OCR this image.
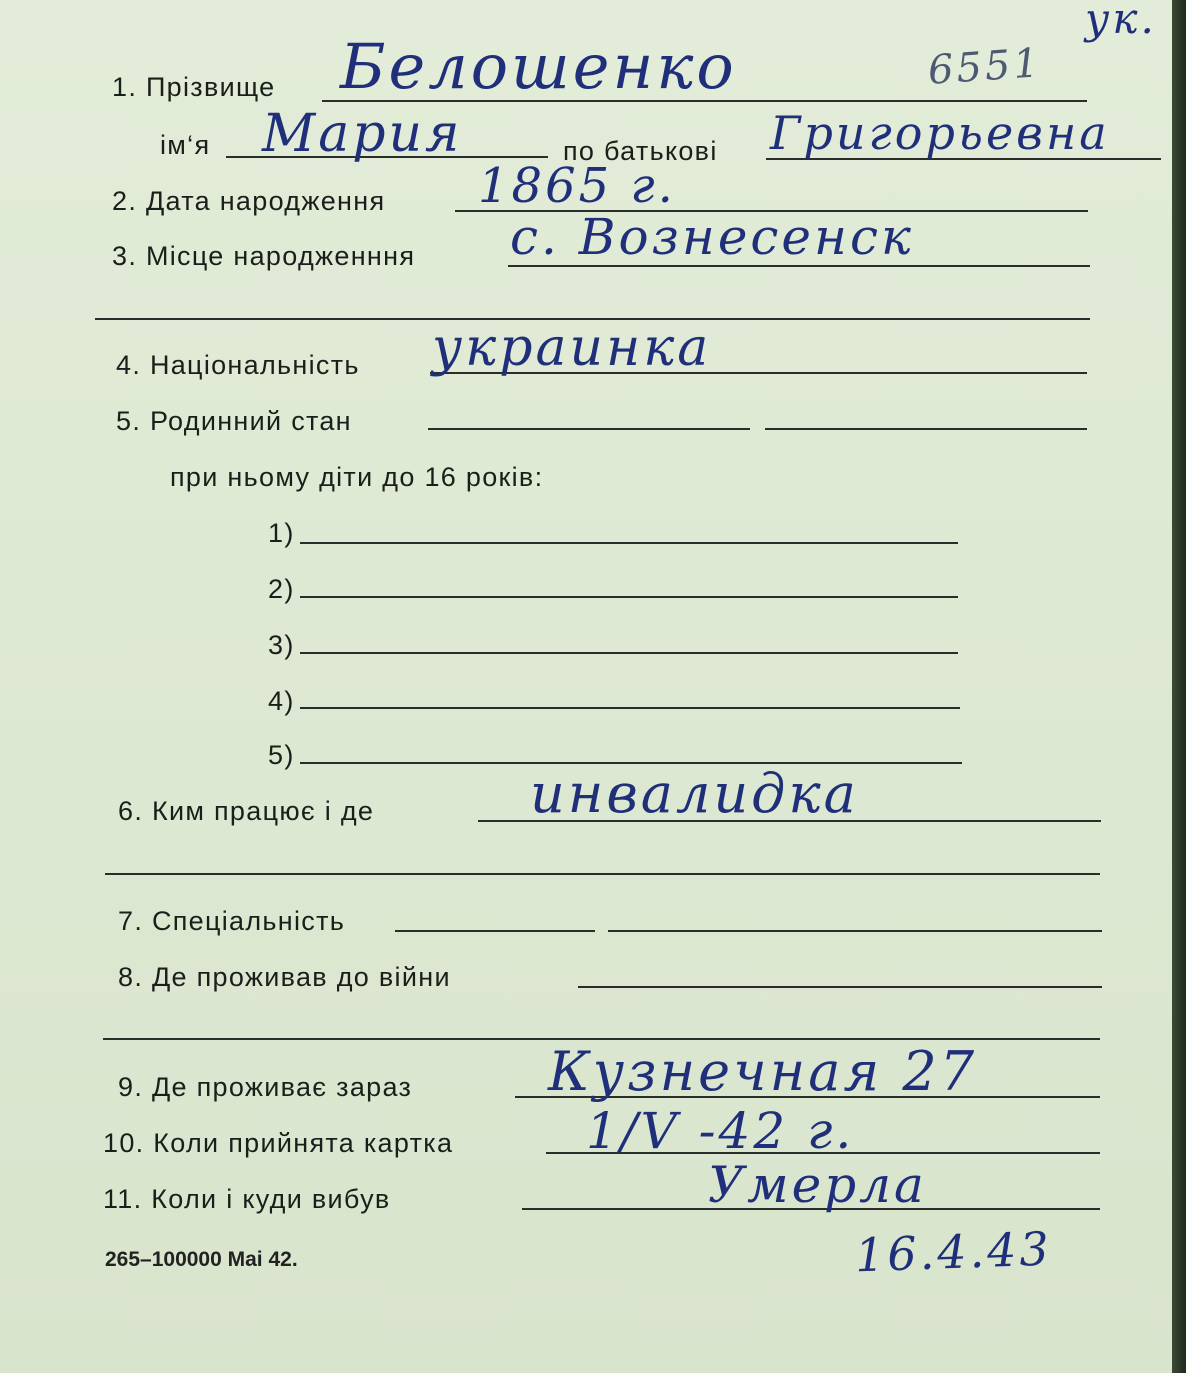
1. Прізвище Белошенко	6551
ук.
ім‘я Мария	по батькові Григорьевна
2. Дата народження 1865 г.
3. Місце народженння с. Вознесенск
4. Національність украинка
5. Родинний стан
при ньому діти до 16 років:
1)
2)
3)
4)
5)
6. Ким працює і де	инвалидка
7. Спеціальність
8. Де проживав до війни
9. Де проживає зараз	Кузнечная 27
10. Коли прийнята картка	1/V -42 г.
11. Коли і куди вибув	Умерла
16.4.43
265–100000 Mai 42.
